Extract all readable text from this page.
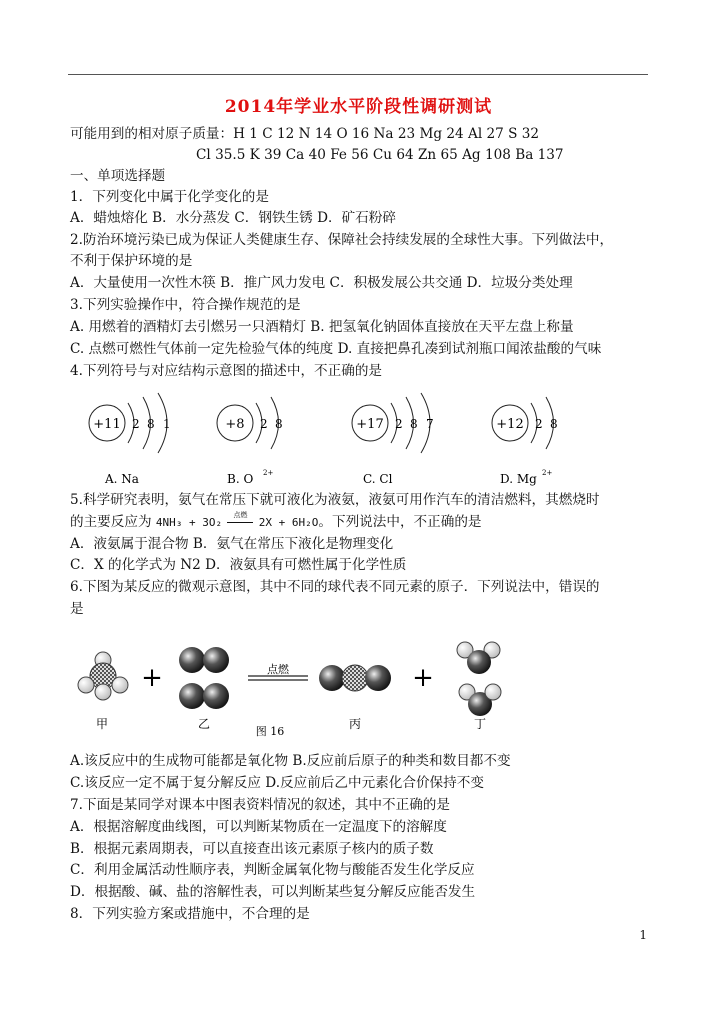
2014年学业水平阶段性调研测试
可能用到的相对原子质量：H 1 C 12 N 14 O 16 Na 23 Mg 24 Al 27 S 32
Cl 35.5 K 39 Ca 40 Fe 56 Cu 64 Zn 65 Ag 108 Ba 137
一、单项选择题
1．下列变化中属于化学变化的是
A．蜡烛熔化 B．水分蒸发 C．钢铁生锈 D．矿石粉碎
2.防治环境污染已成为保证人类健康生存、保障社会持续发展的全球性大事。下列做法中，
不利于保护环境的是
A．大量使用一次性木筷 B．推广风力发电 C．积极发展公共交通 D．垃圾分类处理
3.下列实验操作中，符合操作规范的是
A. 用燃着的酒精灯去引燃另一只酒精灯 B. 把氢氧化钠固体直接放在天平左盘上称量
C. 点燃可燃性气体前一定先检验气体的纯度 D. 直接把鼻孔凑到试剂瓶口闻浓盐酸的气味
4.下列符号与对应结构示意图的描述中，不正确的是
+11 2 8 1
A. Na
+8 2 8
B. O 2+
+17 2 8 7
C. Cl
+12 2 8
D. Mg 2+
5.科学研究表明，氨气在常压下就可液化为液氨，液氨可用作汽车的清洁燃料，其燃烧时
的主要反应为 4NH₃ + 3O₂
点燃
2X + 6H₂O。下列说法中，不正确的是
A．液氨属于混合物 B．氨气在常压下液化是物理变化
C．X 的化学式为 N2 D．液氨具有可燃性属于化学性质
6.下图为某反应的微观示意图，其中不同的球代表不同元素的原子．下列说法中，错误的
是
+	点燃	+
甲	乙
图 16
丙	丁
A.该反应中的生成物可能都是氧化物 B.反应前后原子的种类和数目都不变
C.该反应一定不属于复分解反应 D.反应前后乙中元素化合价保持不变
7.下面是某同学对课本中图表资料情况的叙述，其中不正确的是
A．根据溶解度曲线图，可以判断某物质在一定温度下的溶解度
B．根据元素周期表，可以直接查出该元素原子核内的质子数
C．利用金属活动性顺序表，判断金属氧化物与酸能否发生化学反应
D．根据酸、碱、盐的溶解性表，可以判断某些复分解反应能否发生
8．下列实验方案或措施中，不合理的是
1
